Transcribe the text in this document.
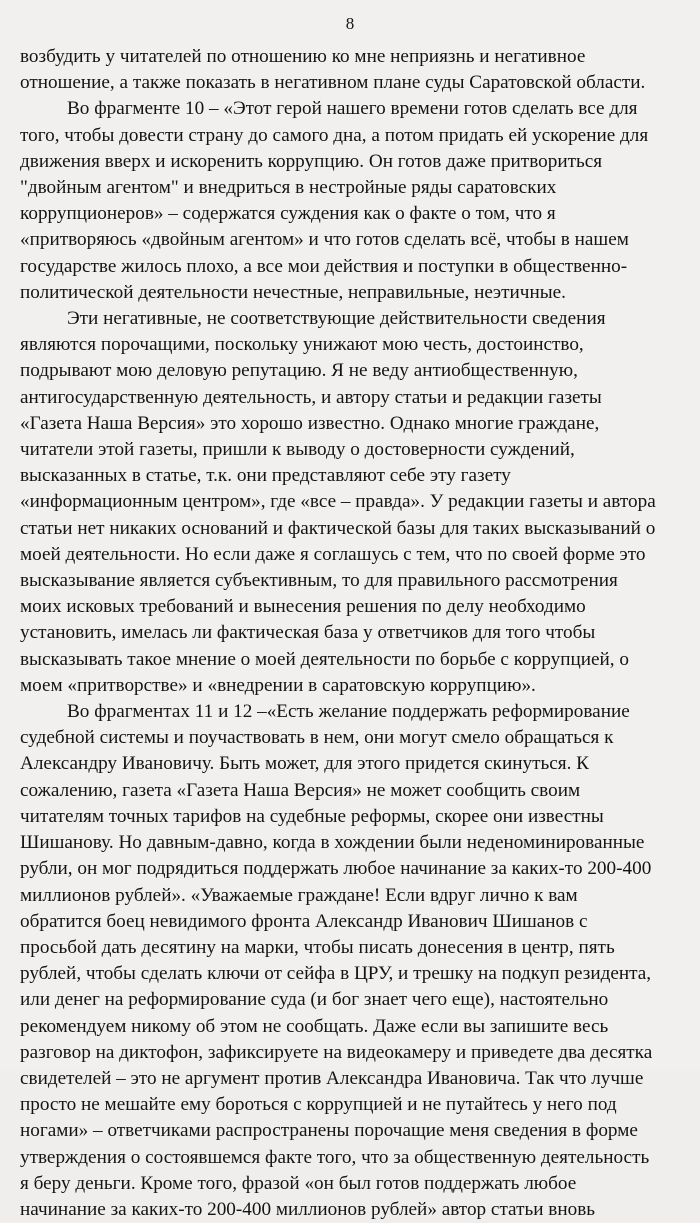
8
возбудить у читателей по отношению ко мне неприязнь и негативное
отношение, а также показать в негативном плане суды Саратовской области.
Во фрагменте 10 – «Этот герой нашего времени готов сделать все для
того, чтобы довести страну до самого дна, а потом придать ей ускорение для
движения вверх и искоренить коррупцию. Он готов даже притвориться
"двойным агентом" и внедриться в нестройные ряды саратовских
коррупционеров» – содержатся суждения как о факте о том, что я
«притворяюсь «двойным агентом» и что готов сделать всё, чтобы в нашем
государстве жилось плохо, а все мои действия и поступки в общественно-
политической деятельности нечестные, неправильные, неэтичные.
Эти негативные, не соответствующие действительности сведения
являются порочащими, поскольку унижают мою честь, достоинство,
подрывают мою деловую репутацию. Я не веду антиобщественную,
антигосударственную деятельность, и автору статьи и редакции газеты
«Газета Наша Версия» это хорошо известно. Однако многие граждане,
читатели этой газеты, пришли к выводу о достоверности суждений,
высказанных в статье, т.к. они представляют себе эту газету
«информационным центром», где «все – правда». У редакции газеты и автора
статьи нет никаких оснований и фактической базы для таких высказываний о
моей деятельности. Но если даже я соглашусь с тем, что по своей форме это
высказывание является субъективным, то для правильного рассмотрения
моих исковых требований и вынесения решения по делу необходимо
установить, имелась ли фактическая база у ответчиков для того чтобы
высказывать такое мнение о моей деятельности по борьбе с коррупцией, о
моем «притворстве» и «внедрении в саратовскую коррупцию».
Во фрагментах 11 и 12 –«Есть желание поддержать реформирование
судебной системы и поучаствовать в нем, они могут смело обращаться к
Александру Ивановичу. Быть может, для этого придется скинуться. К
сожалению, газета «Газета Наша Версия» не может сообщить своим
читателям точных тарифов на судебные реформы, скорее они известны
Шишанову. Но давным-давно, когда в хождении были неденоминированные
рубли, он мог подрядиться поддержать любое начинание за каких-то 200-400
миллионов рублей». «Уважаемые граждане! Если вдруг лично к вам
обратится боец невидимого фронта Александр Иванович Шишанов с
просьбой дать десятину на марки, чтобы писать донесения в центр, пять
рублей, чтобы сделать ключи от сейфа в ЦРУ, и трешку на подкуп резидента,
или денег на реформирование суда (и бог знает чего еще), настоятельно
рекомендуем никому об этом не сообщать. Даже если вы запишите весь
разговор на диктофон, зафиксируете на видеокамеру и приведете два десятка
свидетелей – это не аргумент против Александра Ивановича. Так что лучше
просто не мешайте ему бороться с коррупцией и не путайтесь у него под
ногами» – ответчиками распространены порочащие меня сведения в форме
утверждения о состоявшемся факте того, что за общественную деятельность
я беру деньги. Кроме того, фразой «он был готов поддержать любое
начинание за каких-то 200-400 миллионов рублей» автор статьи вновь
